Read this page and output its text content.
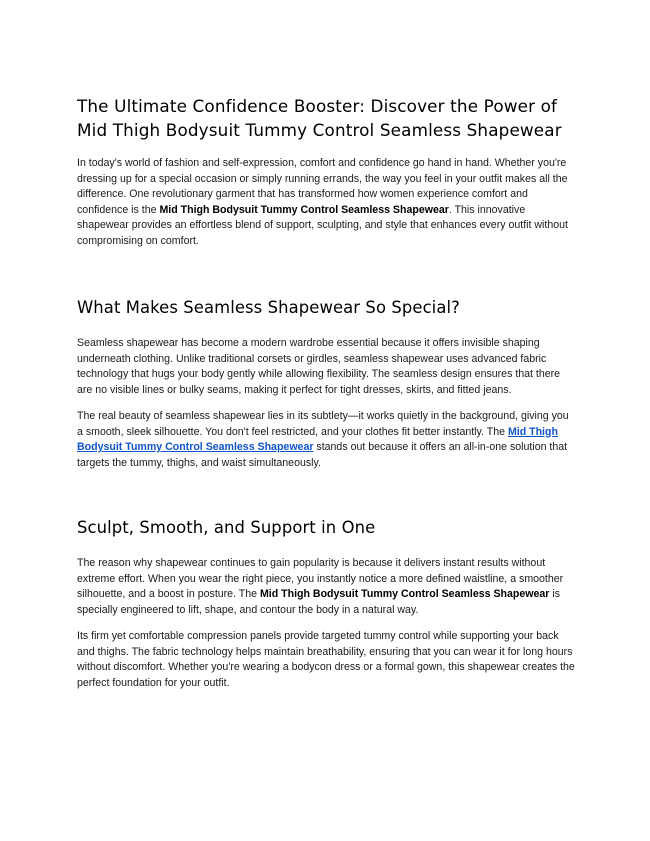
The Ultimate Confidence Booster: Discover the Power of Mid Thigh Bodysuit Tummy Control Seamless Shapewear

In today's world of fashion and self-expression, comfort and confidence go hand in hand. Whether you're dressing up for a special occasion or simply running errands, the way you feel in your outfit makes all the difference. One revolutionary garment that has transformed how women experience comfort and confidence is the Mid Thigh Bodysuit Tummy Control Seamless Shapewear. This innovative shapewear provides an effortless blend of support, sculpting, and style that enhances every outfit without compromising on comfort.

What Makes Seamless Shapewear So Special?

Seamless shapewear has become a modern wardrobe essential because it offers invisible shaping underneath clothing. Unlike traditional corsets or girdles, seamless shapewear uses advanced fabric technology that hugs your body gently while allowing flexibility. The seamless design ensures that there are no visible lines or bulky seams, making it perfect for tight dresses, skirts, and fitted jeans.

The real beauty of seamless shapewear lies in its subtlety—it works quietly in the background, giving you a smooth, sleek silhouette. You don't feel restricted, and your clothes fit better instantly. The Mid Thigh Bodysuit Tummy Control Seamless Shapewear stands out because it offers an all-in-one solution that targets the tummy, thighs, and waist simultaneously.

Sculpt, Smooth, and Support in One

The reason why shapewear continues to gain popularity is because it delivers instant results without extreme effort. When you wear the right piece, you instantly notice a more defined waistline, a smoother silhouette, and a boost in posture. The Mid Thigh Bodysuit Tummy Control Seamless Shapewear is specially engineered to lift, shape, and contour the body in a natural way.

Its firm yet comfortable compression panels provide targeted tummy control while supporting your back and thighs. The fabric technology helps maintain breathability, ensuring that you can wear it for long hours without discomfort. Whether you're wearing a bodycon dress or a formal gown, this shapewear creates the perfect foundation for your outfit.
